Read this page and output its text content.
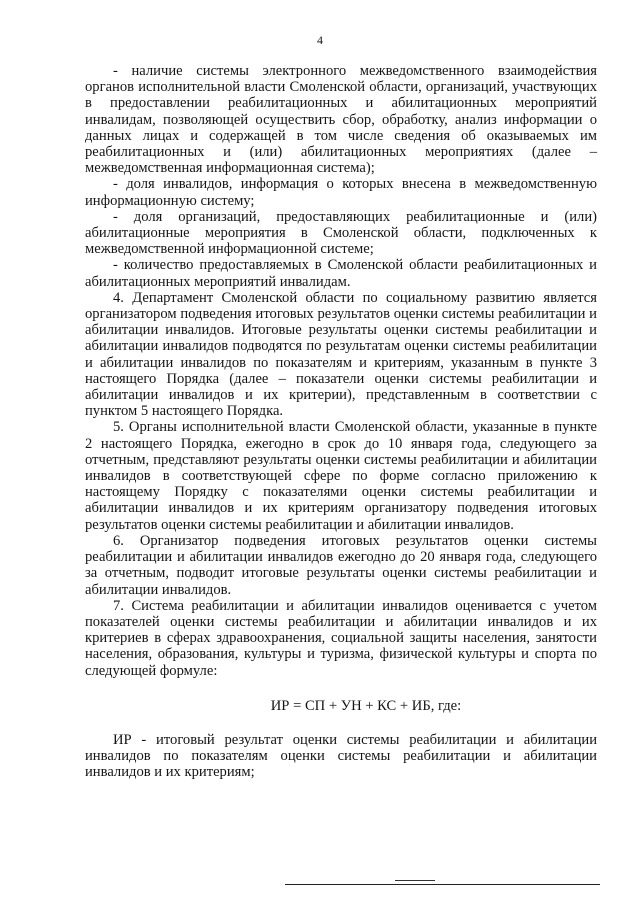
4

- наличие системы электронного межведомственного взаимодействия органов исполнительной власти Смоленской области, организаций, участвующих в предоставлении реабилитационных и абилитационных мероприятий инвалидам, позволяющей осуществить сбор, обработку, анализ информации о данных лицах и содержащей в том числе сведения об оказываемых им реабилитационных и (или) абилитационных мероприятиях (далее – межведомственная информационная система);

- доля инвалидов, информация о которых внесена в межведомственную информационную систему;

- доля организаций, предоставляющих реабилитационные и (или) абилитационные мероприятия в Смоленской области, подключенных к межведомственной информационной системе;

- количество предоставляемых в Смоленской области реабилитационных и абилитационных мероприятий инвалидам.

4. Департамент Смоленской области по социальному развитию является организатором подведения итоговых результатов оценки системы реабилитации и абилитации инвалидов. Итоговые результаты оценки системы реабилитации и абилитации инвалидов подводятся по результатам оценки системы реабилитации и абилитации инвалидов по показателям и критериям, указанным в пункте 3 настоящего Порядка (далее – показатели оценки системы реабилитации и абилитации инвалидов и их критерии), представленным в соответствии с пунктом 5 настоящего Порядка.

5. Органы исполнительной власти Смоленской области, указанные в пункте 2 настоящего Порядка, ежегодно в срок до 10 января года, следующего за отчетным, представляют результаты оценки системы реабилитации и абилитации инвалидов в соответствующей сфере по форме согласно приложению к настоящему Порядку с показателями оценки системы реабилитации и абилитации инвалидов и их критериям организатору подведения итоговых результатов оценки системы реабилитации и абилитации инвалидов.

6. Организатор подведения итоговых результатов оценки системы реабилитации и абилитации инвалидов ежегодно до 20 января года, следующего за отчетным, подводит итоговые результаты оценки системы реабилитации и абилитации инвалидов.

7. Система реабилитации и абилитации инвалидов оценивается с учетом показателей оценки системы реабилитации и абилитации инвалидов и их критериев в сферах здравоохранения, социальной защиты населения, занятости населения, образования, культуры и туризма, физической культуры и спорта по следующей формуле:

ИР = СП + УН + КС + ИБ, где:

ИР - итоговый результат оценки системы реабилитации и абилитации инвалидов по показателям оценки системы реабилитации и абилитации инвалидов и их критериям;
